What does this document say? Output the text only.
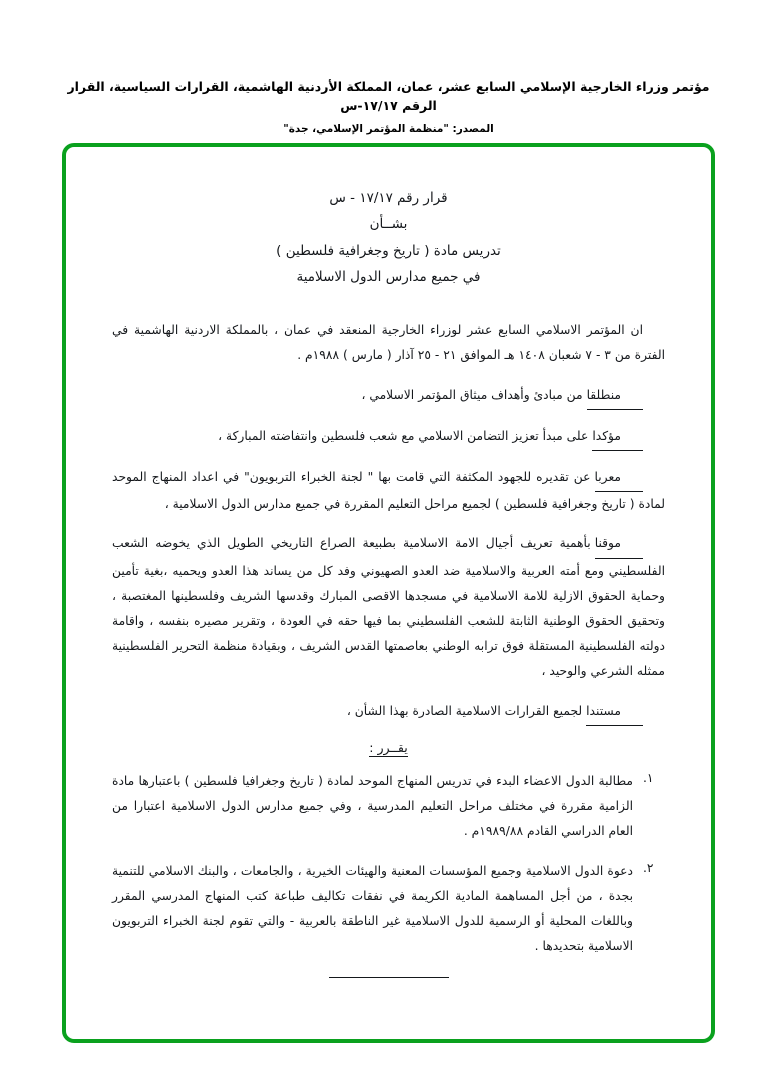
مؤتمر وزراء الخارجية الإسلامي السابع عشر، عمان، المملكة الأردنية الهاشمية، القرارات السياسية، القرار الرقم ١٧/١٧-س
المصدر: "منظمة المؤتمر الإسلامي، جدة"
قرار رقم ١٧/١٧ - س
بشــأن
تدريس مادة ( تاريخ وجغرافية فلسطين )
في جميع مدارس الدول الاسلامية

ان المؤتمر الاسلامي السابع عشر لوزراء الخارجية المنعقد في عمان ، بالمملكة الاردنية الهاشمية في الفترة من ٣ - ٧ شعبان ١٤٠٨ هـ الموافق ٢١ - ٢٥ آذار ( مارس ) ١٩٨٨م .

منطلقامن مبادئ وأهداف ميثاق المؤتمر الاسلامي ،

مؤكداعلى مبدأ تعزيز التضامن الاسلامي مع شعب فلسطين وانتفاضته المباركة ،

معرباعن تقديره للجهود المكثفة التي قامت بها " لجنة الخبراء التربويون" في اعداد المنهاج الموحد لمادة ( تاريخ وجغرافية فلسطين ) لجميع مراحل التعليم المقررة في جميع مدارس الدول الاسلامية ،

موقنابأهمية تعريف أجيال الامة الاسلامية بطبيعة الصراع التاريخي الطويل الذي يخوضه الشعب الفلسطيني ومع أمته العربية والاسلامية ضد العدو الصهيوني وفد كل من يساند هذا العدو ويحميه ،بغية تأمين وحماية الحقوق الازلية للامة الاسلامية في مسجدها الاقصى المبارك وقدسها الشريف وفلسطينها المغتصبة ، وتحقيق الحقوق الوطنية الثابتة للشعب الفلسطيني بما فيها حقه في العودة ، وتقرير مصيره بنفسه ، واقامة دولته الفلسطينية المستقلة فوق ترابه الوطني بعاصمتها القدس الشريف ، وبقيادة منظمة التحرير الفلسطينية ممثله الشرعي والوحيد ،

مستندالجميع القرارات الاسلامية الصادرة بهذا الشأن ،

يقــرر :
١.
مطالبة الدول الاعضاء البدء في تدريس المنهاج الموحد لمادة ( تاريخ وجغرافيا فلسطين ) باعتبارها مادة الزامية مقررة في مختلف مراحل التعليم المدرسية ، وفي جميع مدارس الدول الاسلامية اعتبارا من العام الدراسي القادم ١٩٨٩/٨٨م .
٢.
دعوة الدول الاسلامية وجميع المؤسسات المعنية والهيئات الخيرية ، والجامعات ، والبنك الاسلامي للتنمية بجدة ، من أجل المساهمة المادية الكريمة في نفقات تكاليف طباعة كتب المنهاج المدرسي المقرر وباللغات المحلية أو الرسمية للدول الاسلامية غير الناطقة بالعربية - والتي تقوم لجنة الخبراء التربويون الاسلامية بتحديدها .
